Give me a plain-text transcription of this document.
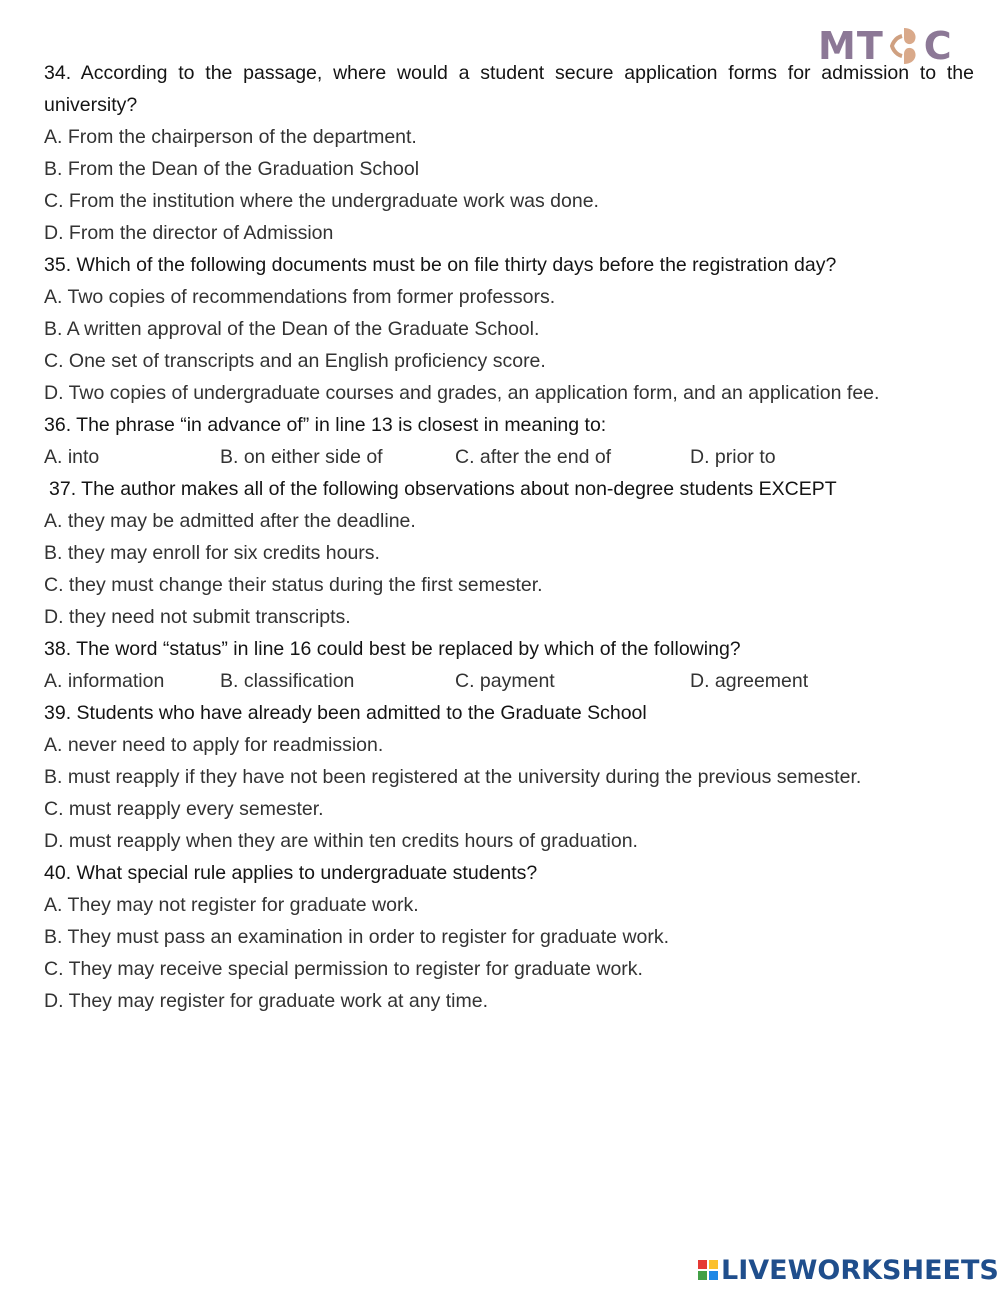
MT C
34. According to the passage, where would a student secure application forms for admission to the university?
A. From the chairperson of the department.
B. From the Dean of the Graduation School
C. From the institution where the undergraduate work was done.
D. From the director of Admission
35. Which of the following documents must be on file thirty days before the registration day?
A. Two copies of recommendations from former professors.
B. A written approval of the Dean of the Graduate School.
C. One set of transcripts and an English proficiency score.
D. Two copies of undergraduate courses and grades, an application form, and an application fee.
36. The phrase “in advance of” in line 13 is closest in meaning to:
A. into	B. on either side of	C. after the end of	D. prior to
37. The author makes all of the following observations about non-degree students EXCEPT
A. they may be admitted after the deadline.
B. they may enroll for six credits hours.
C. they must change their status during the first semester.
D. they need not submit transcripts.
38. The word “status” in line 16 could best be replaced by which of the following?
A. information	B. classification	C. payment	D. agreement
39. Students who have already been admitted to the Graduate School
A. never need to apply for readmission.
B. must reapply if they have not been registered at the university during the previous semester.
C. must reapply every semester.
D. must reapply when they are within ten credits hours of graduation.
40. What special rule applies to undergraduate students?
A. They may not register for graduate work.
B. They must pass an examination in order to register for graduate work.
C. They may receive special permission to register for graduate work.
D. They may register for graduate work at any time.
LIVEWORKSHEETS
